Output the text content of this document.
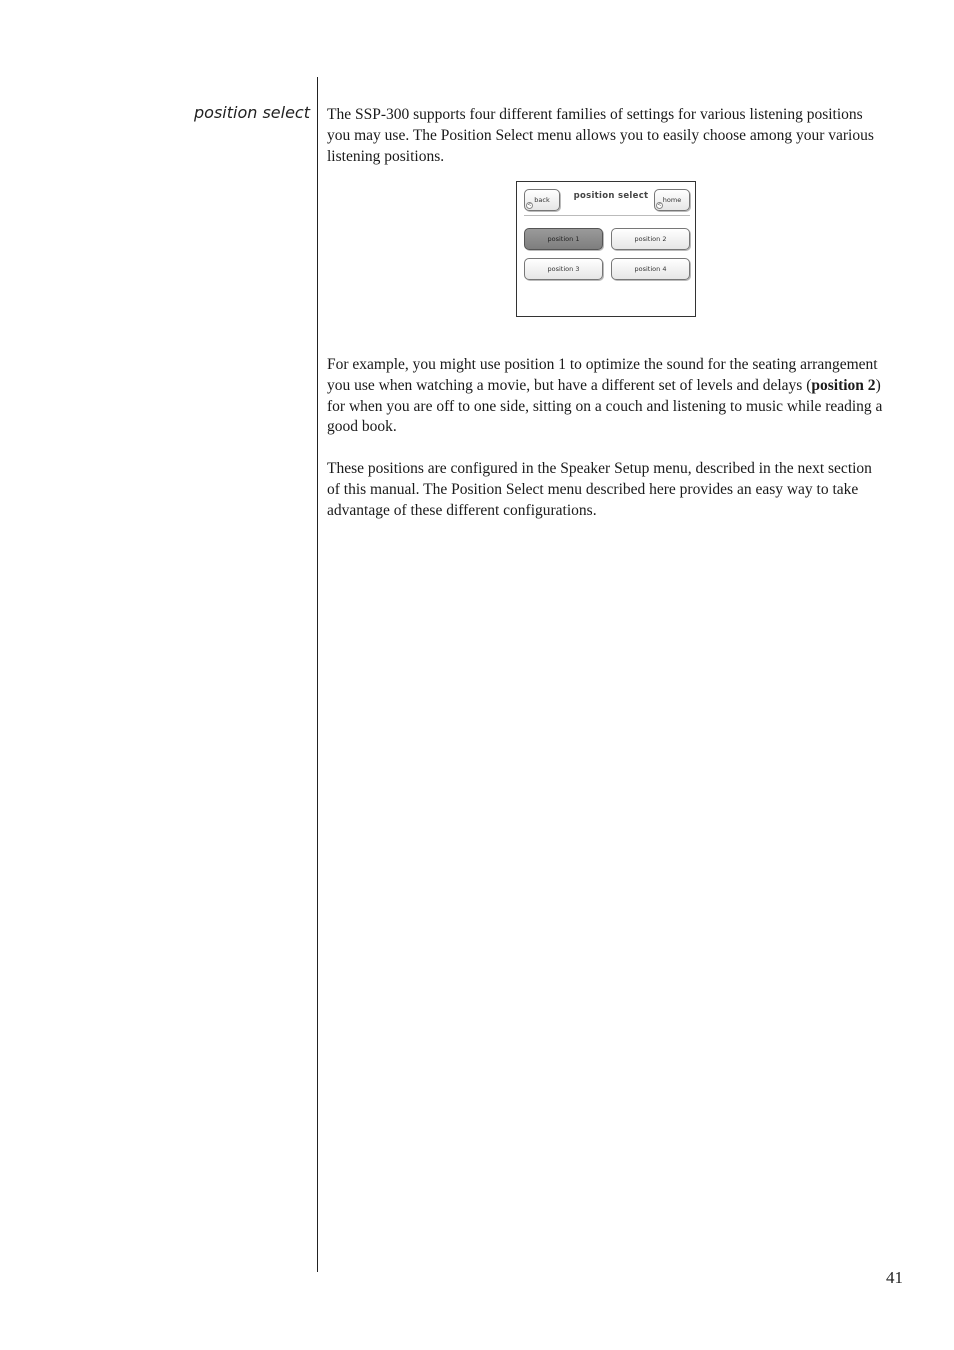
position select The SSP-300 supports four different families of settings for various listening positions you may use. The Position Select menu allows you to easily choose among your various listening positions.

back
<
position select	home
<
position 1	position 2
position 3	position 4

For example, you might use position 1 to optimize the sound for the seating arrangement you use when watching a movie, but have a different set of levels and delays (position 2) for when you are off to one side, sitting on a couch and listening to music while reading a good book.

These positions are configured in the Speaker Setup menu, described in the next section of this manual. The Position Select menu described here provides an easy way to take advantage of these different configurations.

41
